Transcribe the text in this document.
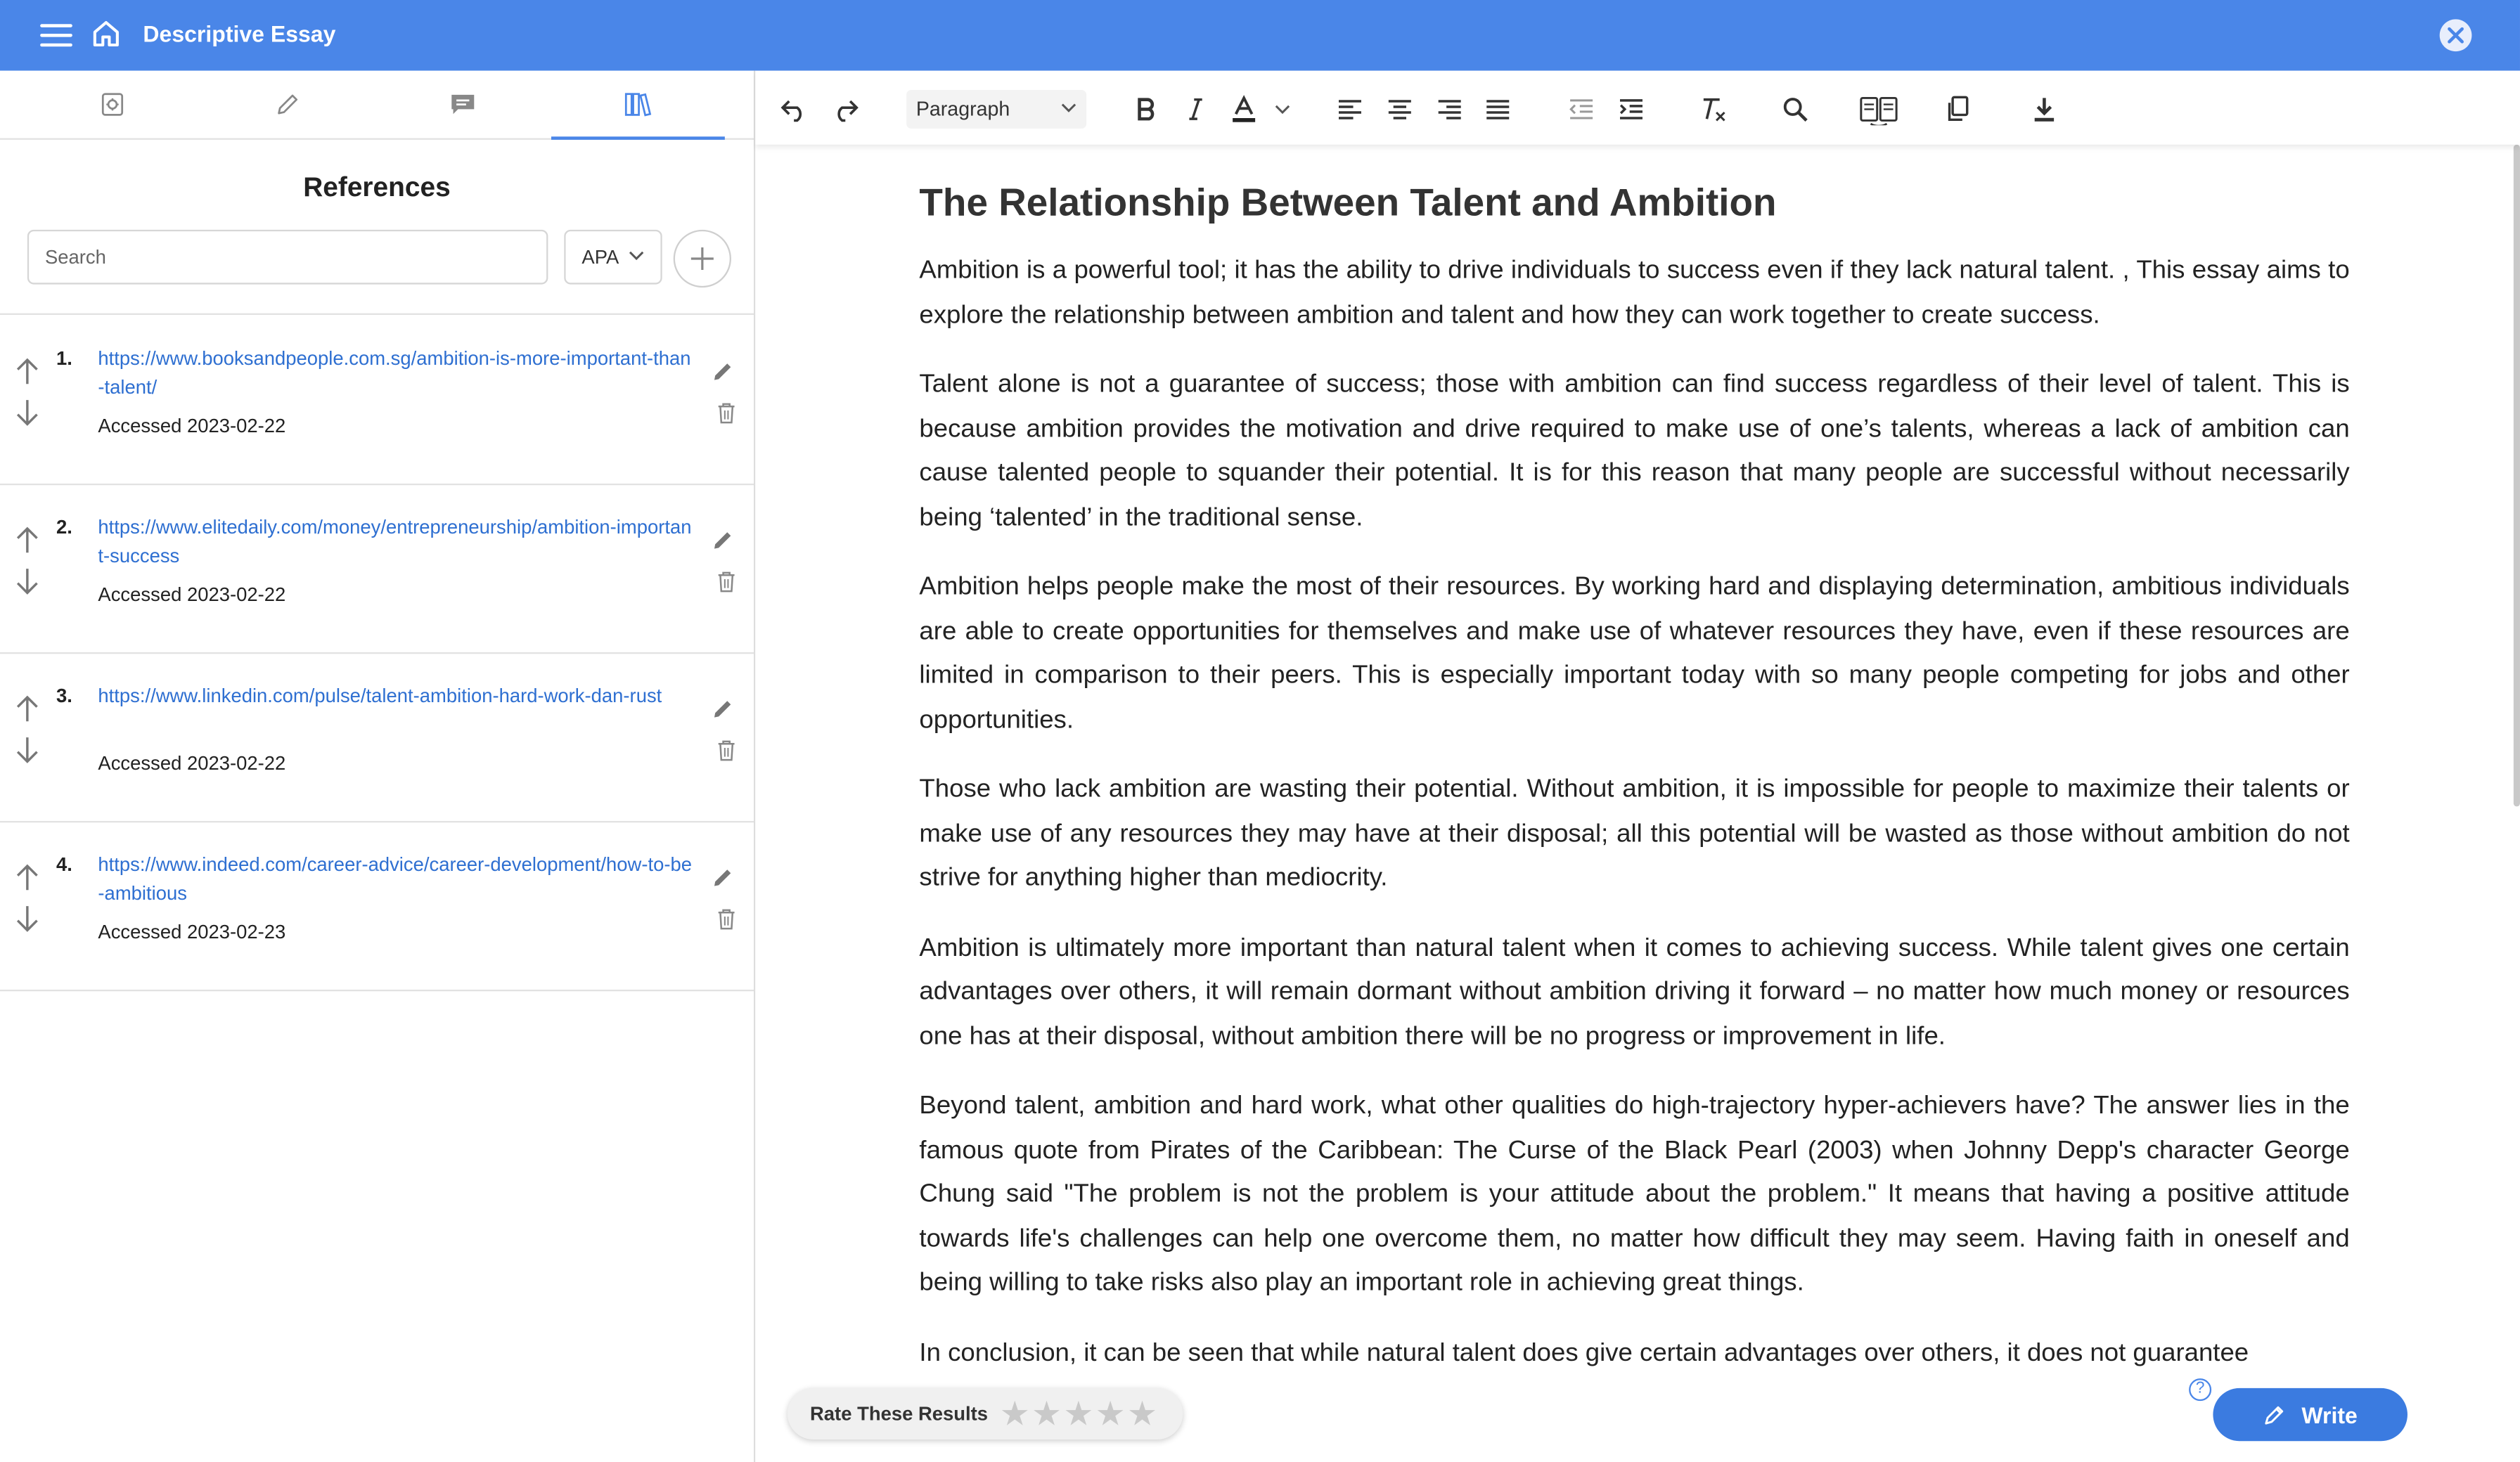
Descriptive Essay
References
Search
APA
1.	https://www.booksandpeople.com.sg/ambition-is-more-important-than-talent/
Accessed 2023-02-22
2.	https://www.elitedaily.com/money/entrepreneurship/ambition-important-success
Accessed 2023-02-22
3.	https://www.linkedin.com/pulse/talent-ambition-hard-work-dan-rust
Accessed 2023-02-22
4.	https://www.indeed.com/career-advice/career-development/how-to-be-ambitious
Accessed 2023-02-23
Paragraph
The Relationship Between Talent and Ambition

Ambition is a powerful tool; it has the ability to drive individuals to success even if they lack natural talent. , This essay aims to explore the relationship between ambition and talent and how they can work together to create success.

Talent alone is not a guarantee of success; those with ambition can find success regardless of their level of talent. This is because ambition provides the motivation and drive required to make use of one’s talents, whereas a lack of ambition can cause talented people to squander their potential. It is for this reason that many people are successful without necessarily being ‘talented’ in the traditional sense.

Ambition helps people make the most of their resources. By working hard and displaying determination, ambitious individuals are able to create opportunities for themselves and make use of whatever resources they have, even if these resources are limited in comparison to their peers. This is especially important today with so many people competing for jobs and other opportunities.

Those who lack ambition are wasting their potential. Without ambition, it is impossible for people to maximize their talents or make use of any resources they may have at their disposal; all this potential will be wasted as those without ambition do not strive for anything higher than mediocrity.

Ambition is ultimately more important than natural talent when it comes to achieving success. While talent gives one certain advantages over others, it will remain dormant without ambition driving it forward – no matter how much money or resources one has at their disposal, without ambition there will be no progress or improvement in life.

Beyond talent, ambition and hard work, what other qualities do high-trajectory hyper-achievers have? The answer lies in the famous quote from Pirates of the Caribbean: The Curse of the Black Pearl (2003) when Johnny Depp's character George Chung said "The problem is not the problem is your attitude about the problem." It means that having a positive attitude towards life's challenges can help one overcome them, no matter how difficult they may seem. Having faith in oneself and being willing to take risks also play an important role in achieving great things.

In conclusion, it can be seen that while natural talent does give certain advantages over others, it does not guarantee

Rate These Results ★★★★★
?
Write
